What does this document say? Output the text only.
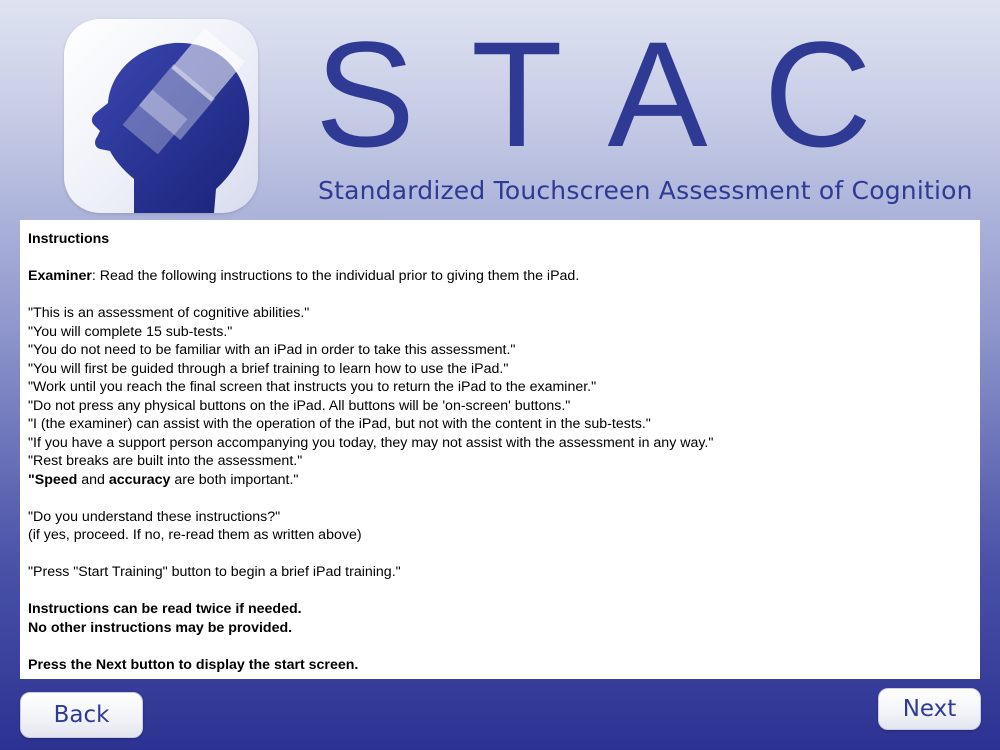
STAC
Standardized Touchscreen Assessment of Cognition

Instructions

Examiner: Read the following instructions to the individual prior to giving them the iPad.

"This is an assessment of cognitive abilities."

"You will complete 15 sub-tests."

"You do not need to be familiar with an iPad in order to take this assessment."

"You will first be guided through a brief training to learn how to use the iPad."

"Work until you reach the final screen that instructs you to return the iPad to the examiner."

"Do not press any physical buttons on the iPad. All buttons will be 'on-screen' buttons."

"I (the examiner) can assist with the operation of the iPad, but not with the content in the sub-tests."

"If you have a support person accompanying you today, they may not assist with the assessment in any way."

"Rest breaks are built into the assessment."

"Speed and accuracy are both important."

"Do you understand these instructions?"

(if yes, proceed. If no, re-read them as written above)

"Press "Start Training" button to begin a brief iPad training."

Instructions can be read twice if needed.

No other instructions may be provided.

Press the Next button to display the start screen.

Back	Next
